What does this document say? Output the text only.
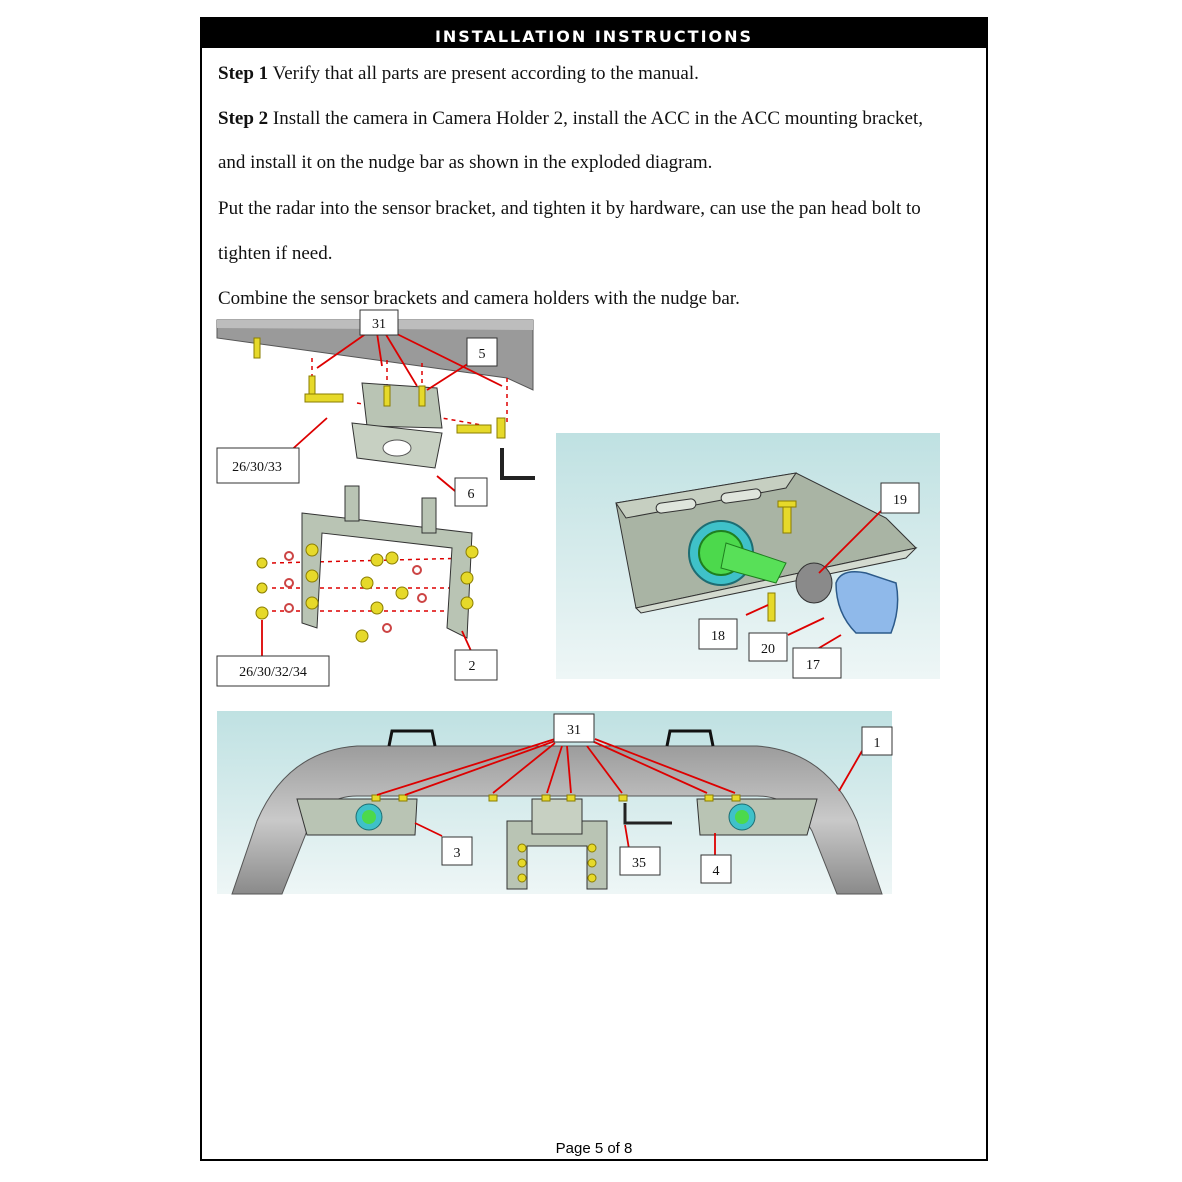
INSTALLATION INSTRUCTIONS
Step 1 Verify that all parts are present according to the manual.
Step 2 Install the camera in Camera Holder 2, install the ACC in the ACC mounting bracket,
and install it on the nudge bar as shown in the exploded diagram.
Put the radar into the sensor bracket, and tighten it by hardware, can use the pan head bolt to
tighten if need.
Combine the sensor brackets and camera holders with the nudge bar.
Page 5 of 8
31
5
26/30/33
6
26/30/32/34	2
19
18
20
17
31
1
3
35
4
